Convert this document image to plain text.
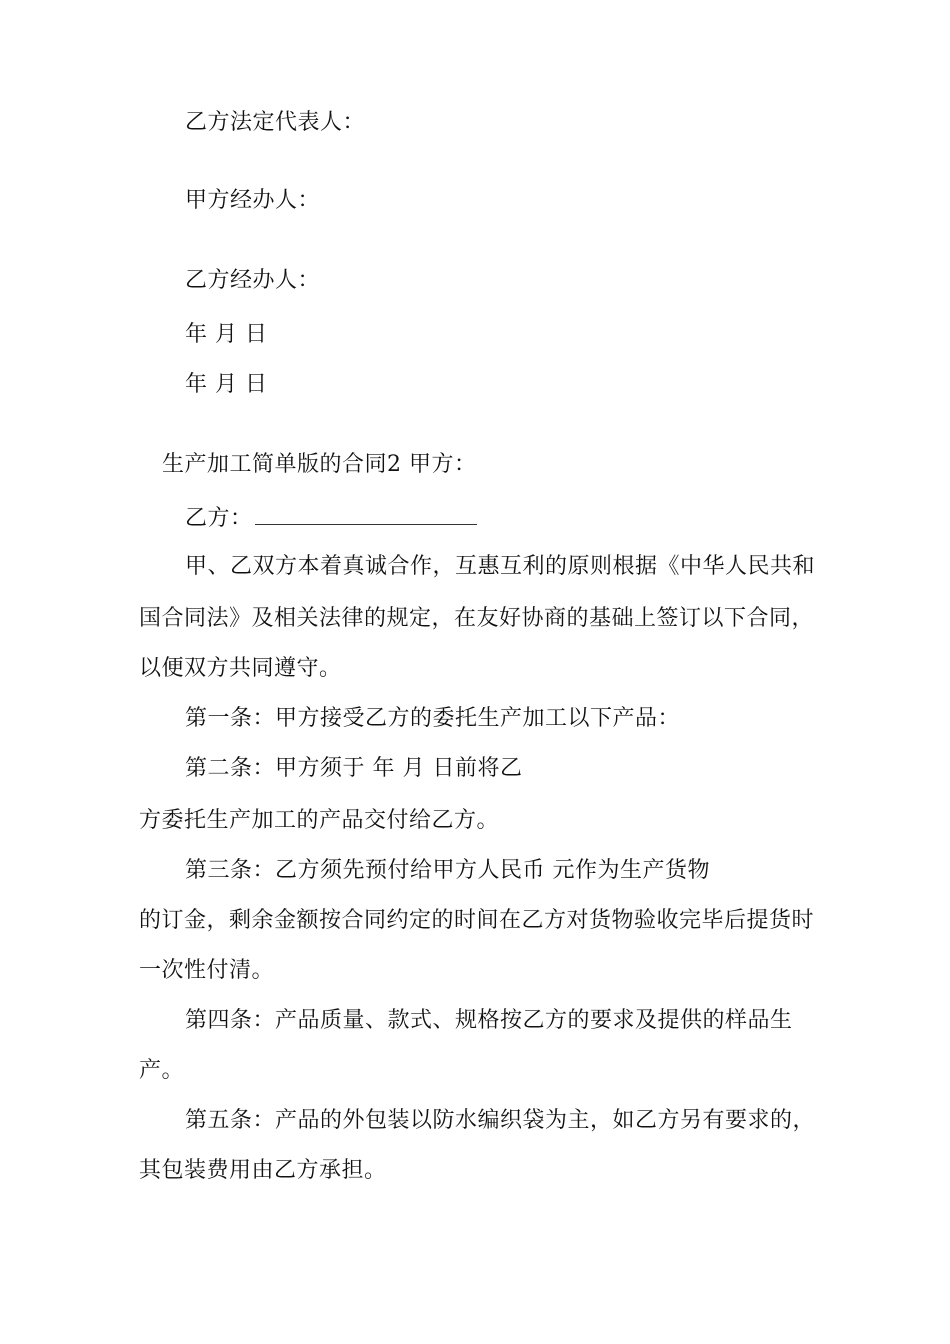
乙方法定代表人：
甲方经办人：
乙方经办人：
年 月 日
年 月 日
生产加工简单版的合同2 甲方：
乙方：
甲、乙双方本着真诚合作，互惠互利的原则根据《中华人民共和
国合同法》及相关法律的规定，在友好协商的基础上签订以下合同，
以便双方共同遵守。
第一条：甲方接受乙方的委托生产加工以下产品：
第二条：甲方须于 年 月 日前将乙
方委托生产加工的产品交付给乙方。
第三条：乙方须先预付给甲方人民币 元作为生产货物
的订金，剩余金额按合同约定的时间在乙方对货物验收完毕后提货时
一次性付清。
第四条：产品质量、款式、规格按乙方的要求及提供的样品生
产。
第五条：产品的外包装以防水编织袋为主，如乙方另有要求的，
其包装费用由乙方承担。
